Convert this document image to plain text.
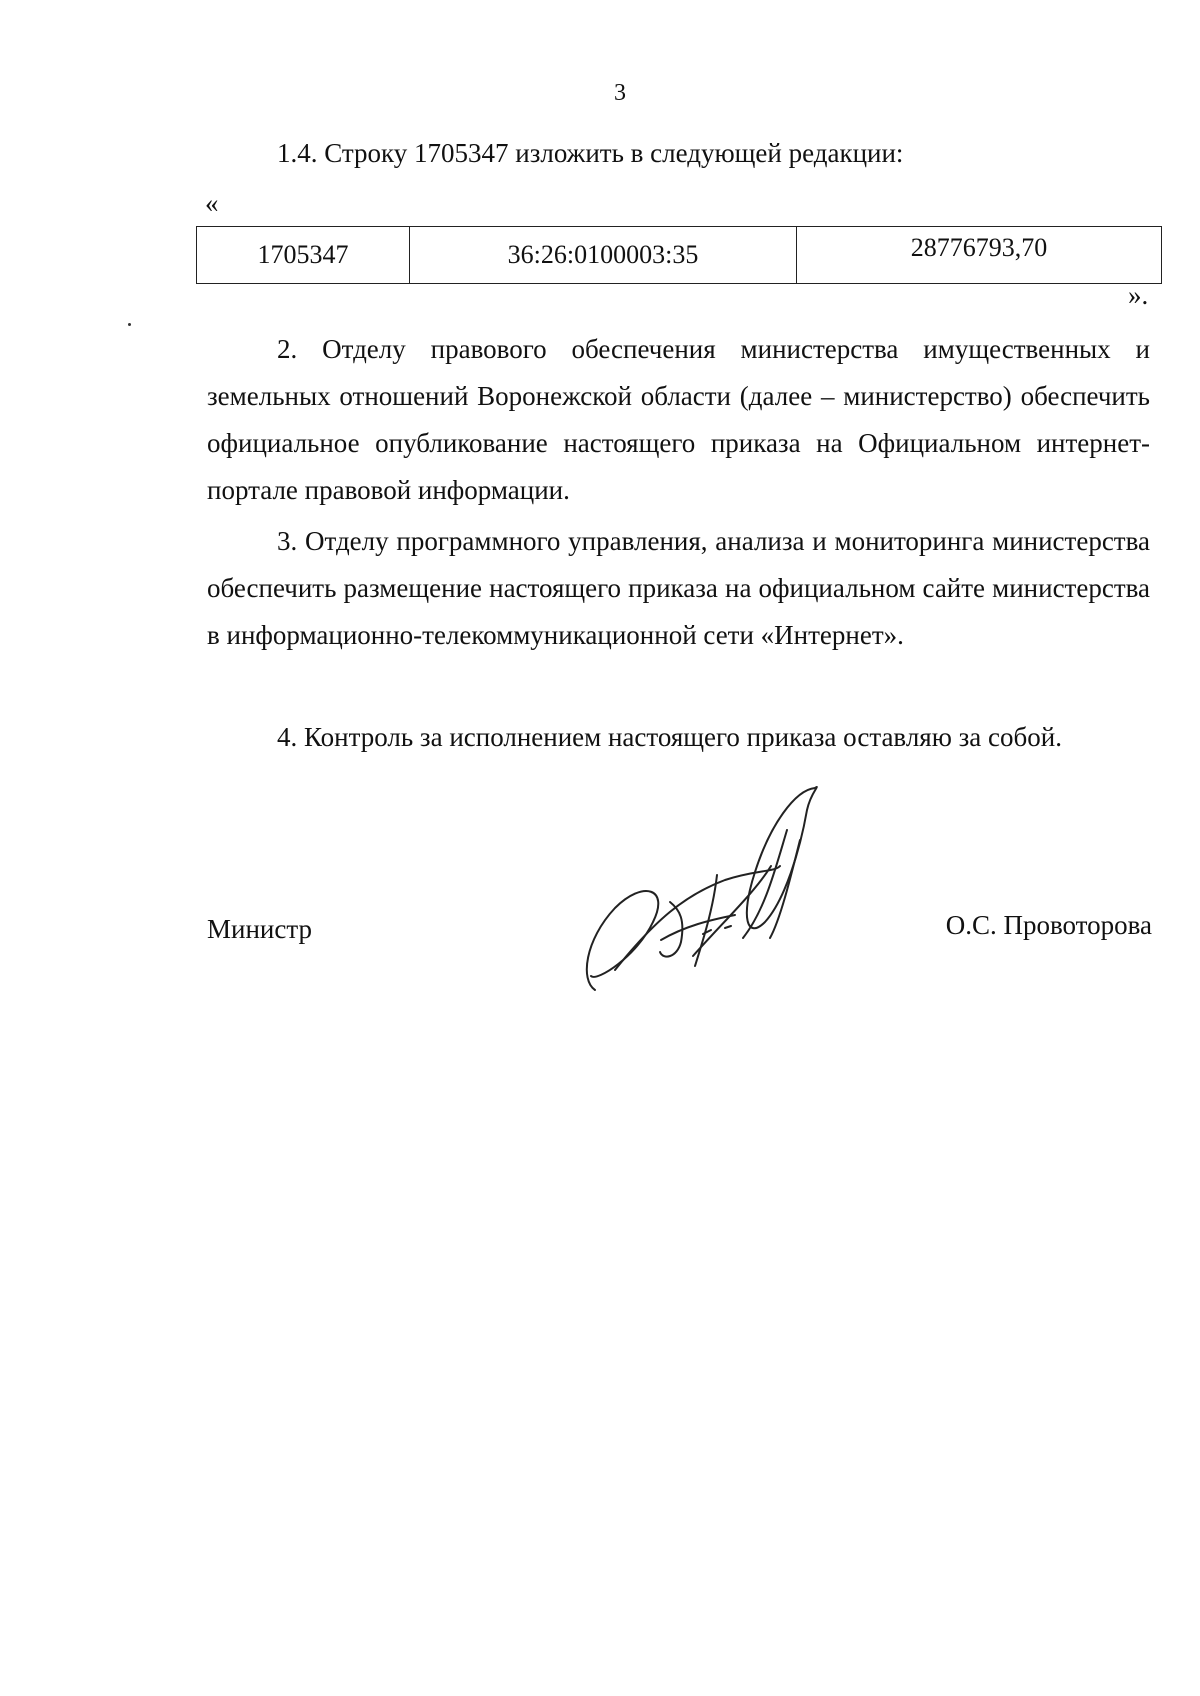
3

1.4. Строку 1705347 изложить в следующей редакции:

«
1705347	36:26:0100003:35	28776793,70
».

2. Отделу правового обеспечения министерства имущественных и земельных отношений Воронежской области (далее – министерство) обеспечить официальное опубликование настоящего приказа на Официальном интернет-портале правовой информации.

3. Отделу программного управления, анализа и мониторинга министерства обеспечить размещение настоящего приказа на официальном сайте министерства в информационно-телекоммуникационной сети «Интернет».

4. Контроль за исполнением настоящего приказа оставляю за собой.

Министр	О.С. Провоторова
